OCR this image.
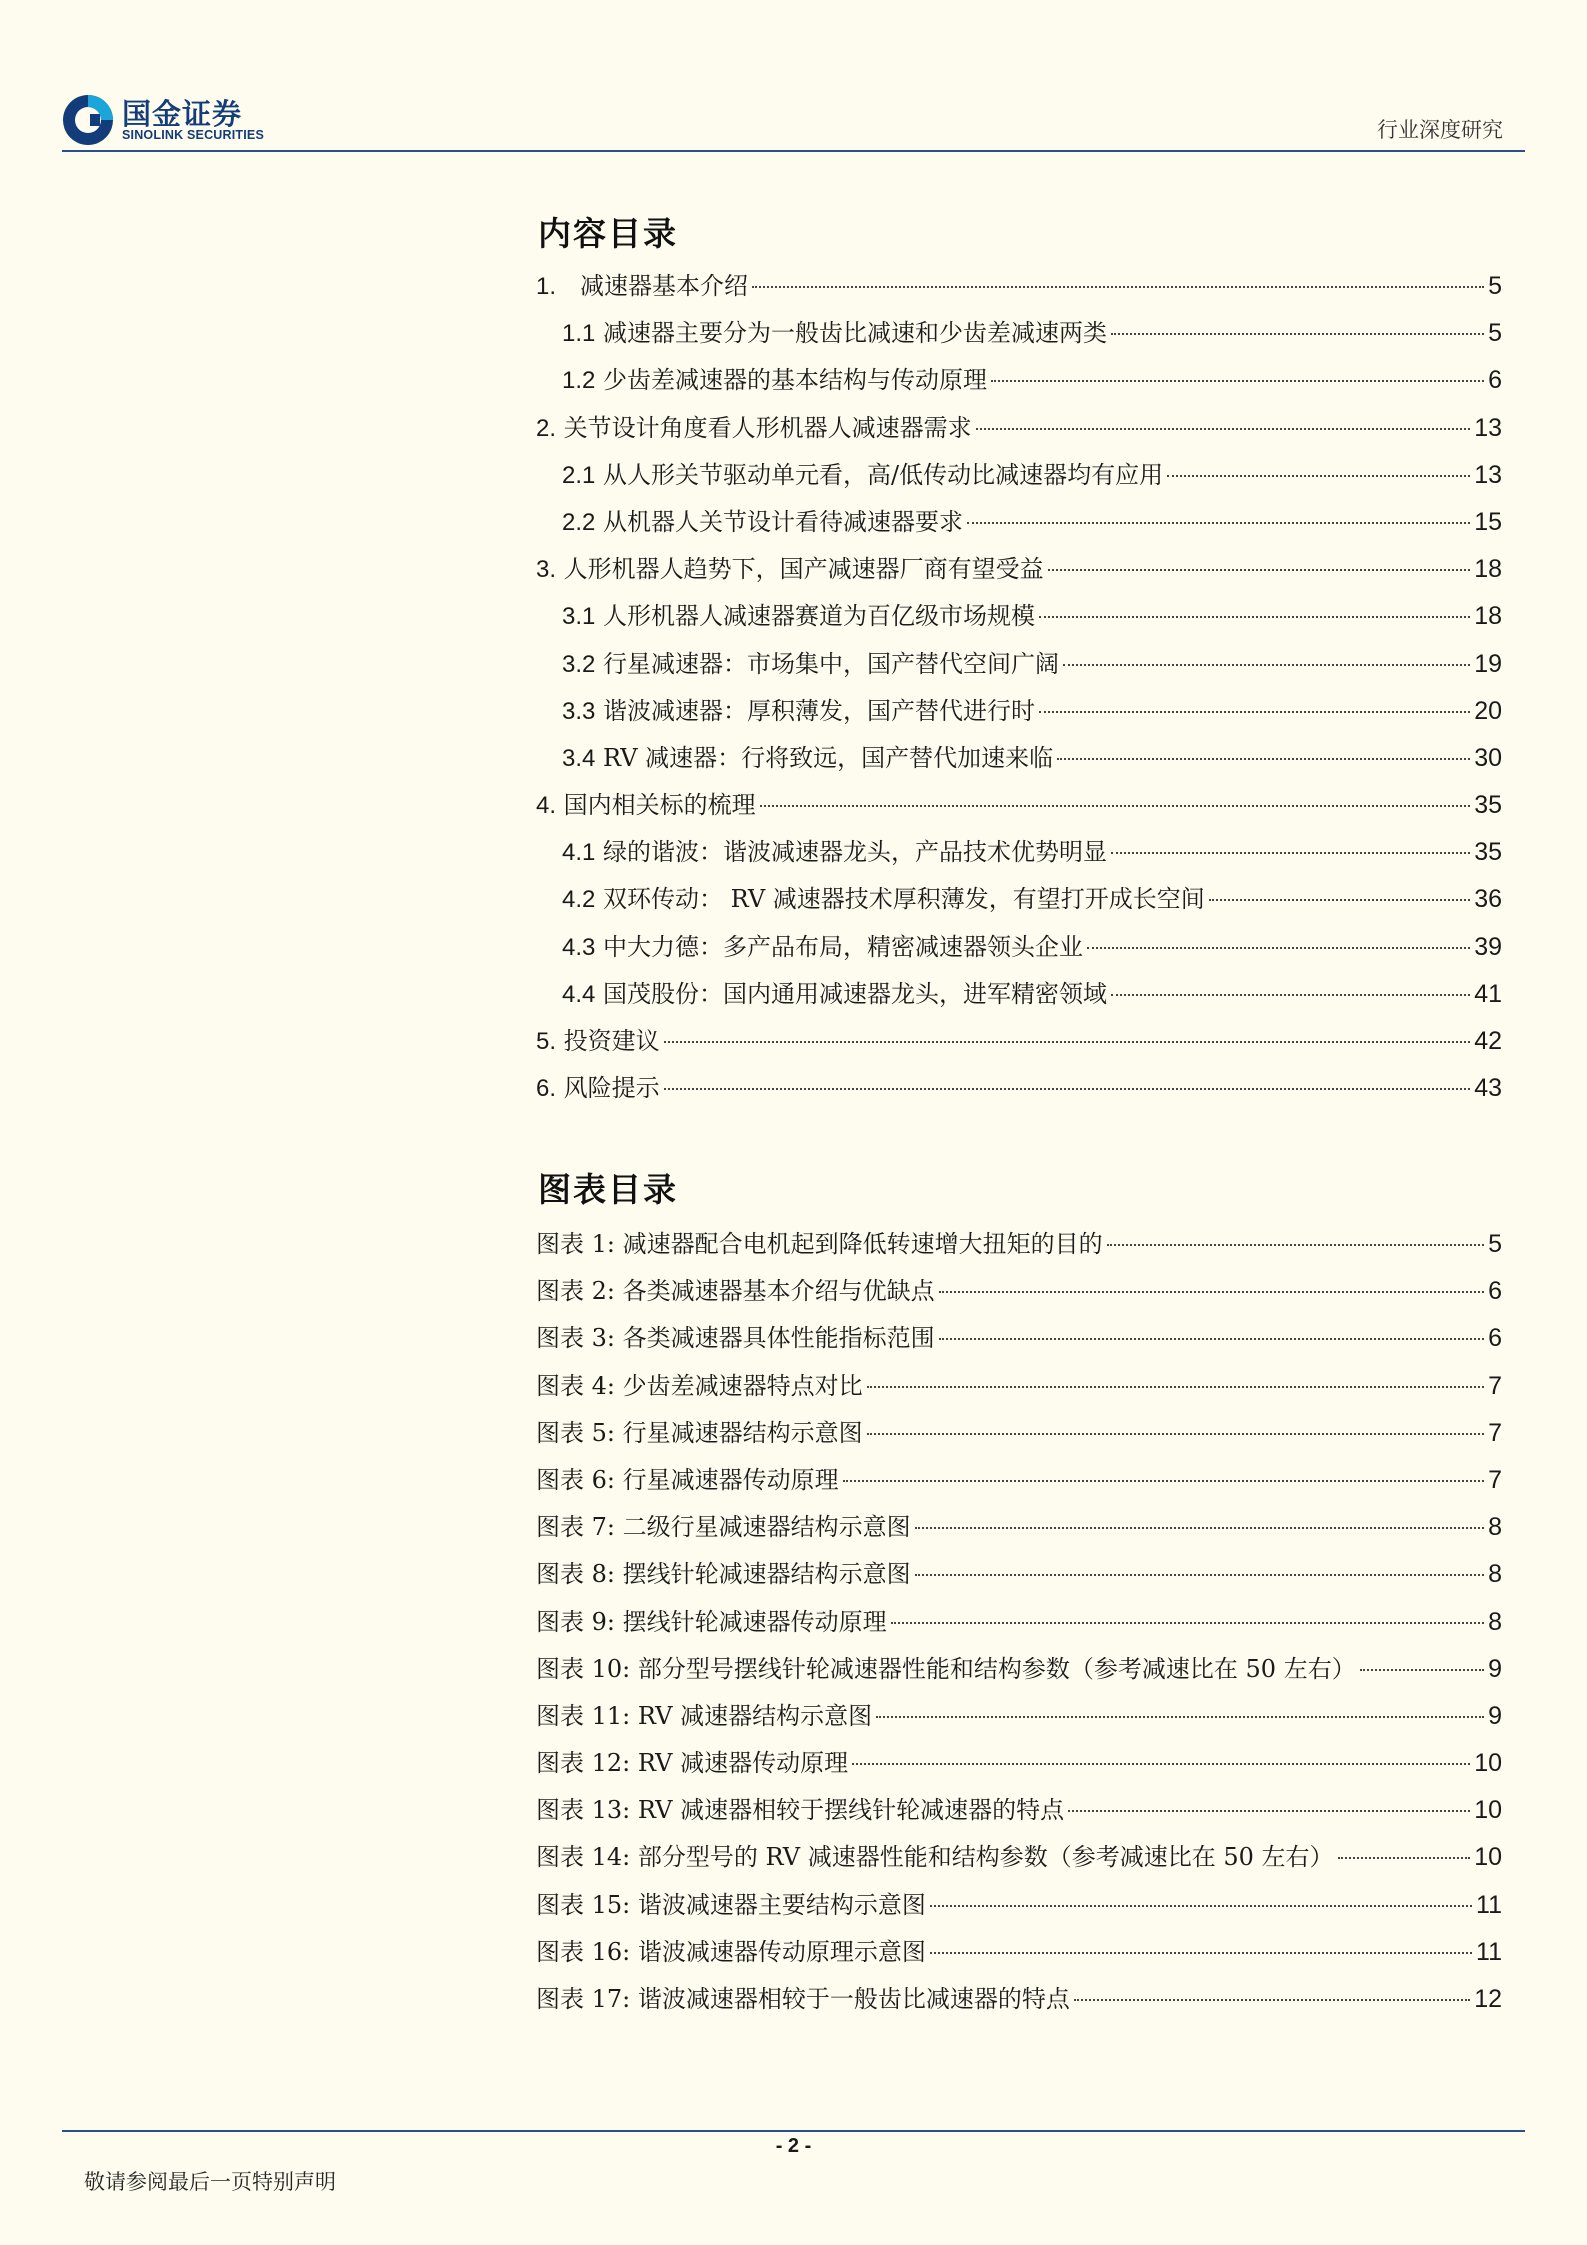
国金证券
SINOLINK SECURITIES	行业深度研究
内容目录
1.　减速器基本介绍	5
1.1 减速器主要分为一般齿比减速和少齿差减速两类	5
1.2 少齿差减速器的基本结构与传动原理	6
2. 关节设计角度看人形机器人减速器需求	13
2.1 从人形关节驱动单元看，高/低传动比减速器均有应用	13
2.2 从机器人关节设计看待减速器要求	15
3. 人形机器人趋势下，国产减速器厂商有望受益	18
3.1 人形机器人减速器赛道为百亿级市场规模	18
3.2 行星减速器：市场集中，国产替代空间广阔	19
3.3 谐波减速器：厚积薄发，国产替代进行时	20
3.4 RV 减速器：行将致远，国产替代加速来临	30
4. 国内相关标的梳理	35
4.1 绿的谐波：谐波减速器龙头，产品技术优势明显	35
4.2 双环传动： RV 减速器技术厚积薄发，有望打开成长空间	36
4.3 中大力德：多产品布局，精密减速器领头企业	39
4.4 国茂股份：国内通用减速器龙头，进军精密领域	41
5. 投资建议	42
6. 风险提示	43
图表目录
图表 1: 减速器配合电机起到降低转速增大扭矩的目的	5
图表 2: 各类减速器基本介绍与优缺点	6
图表 3: 各类减速器具体性能指标范围	6
图表 4: 少齿差减速器特点对比	7
图表 5: 行星减速器结构示意图	7
图表 6: 行星减速器传动原理	7
图表 7: 二级行星减速器结构示意图	8
图表 8: 摆线针轮减速器结构示意图	8
图表 9: 摆线针轮减速器传动原理	8
图表 10: 部分型号摆线针轮减速器性能和结构参数（参考减速比在 50 左右）	9
图表 11: RV 减速器结构示意图	9
图表 12: RV 减速器传动原理	10
图表 13: RV 减速器相较于摆线针轮减速器的特点	10
图表 14: 部分型号的 RV 减速器性能和结构参数（参考减速比在 50 左右）	10
图表 15: 谐波减速器主要结构示意图	11
图表 16: 谐波减速器传动原理示意图	11
图表 17: 谐波减速器相较于一般齿比减速器的特点	12
- 2 -
敬请参阅最后一页特别声明
